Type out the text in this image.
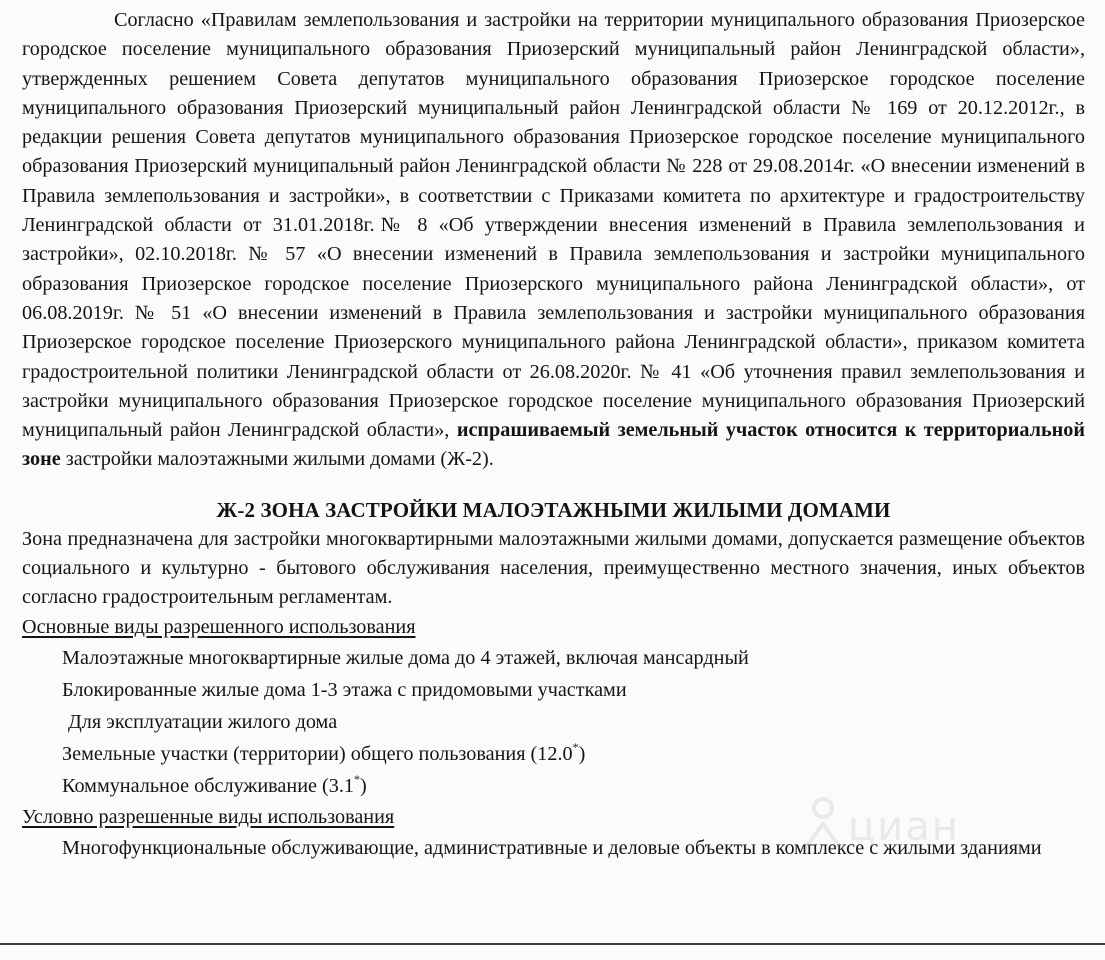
Согласно «Правилам землепользования и застройки на территории муниципального образования Приозерское городское поселение муниципального образования Приозерский муниципальный район Ленинградской области», утвержденных решением Совета депутатов муниципального образования Приозерское городское поселение муниципального образования Приозерский муниципальный район Ленинградской области № 169 от 20.12.2012г., в редакции решения Совета депутатов муниципального образования Приозерское городское поселение муниципального образования Приозерский муниципальный район Ленинградской области № 228 от 29.08.2014г. «О внесении изменений в Правила землепользования и застройки», в соответствии с Приказами комитета по архитектуре и градостроительству Ленинградской области от 31.01.2018г.№ 8 «Об утверждении внесения изменений в Правила землепользования и застройки», 02.10.2018г. № 57 «О внесении изменений в Правила землепользования и застройки муниципального образования Приозерское городское поселение Приозерского муниципального района Ленинградской области», от 06.08.2019г. № 51 «О внесении изменений в Правила землепользования и застройки муниципального образования Приозерское городское поселение Приозерского муниципального района Ленинградской области», приказом комитета градостроительной политики Ленинградской области от 26.08.2020г. № 41 «Об уточнения правил землепользования и застройки муниципального образования Приозерское городское поселение муниципального образования Приозерский муниципальный район Ленинградской области», испрашиваемый земельный участок относится к территориальной зоне застройки малоэтажными жилыми домами (Ж-2).

Ж-2 ЗОНА ЗАСТРОЙКИ МАЛОЭТАЖНЫМИ ЖИЛЫМИ ДОМАМИ

Зона предназначена для застройки многоквартирными малоэтажными жилыми домами, допускается размещение объектов социального и культурно - бытового обслуживания населения, преимущественно местного значения, иных объектов согласно градостроительным регламентам.

Основные виды разрешенного использования
Малоэтажные многоквартирные жилые дома до 4 этажей, включая мансардный
Блокированные жилые дома 1-3 этажа с придомовыми участками
Для эксплуатации жилого дома
Земельные участки (территории) общего пользования (12.0*)
Коммунальное обслуживание (3.1*)
Условно разрешенные виды использования
Многофункциональные обслуживающие, административные и деловые объекты в комплексе с жилыми зданиями
